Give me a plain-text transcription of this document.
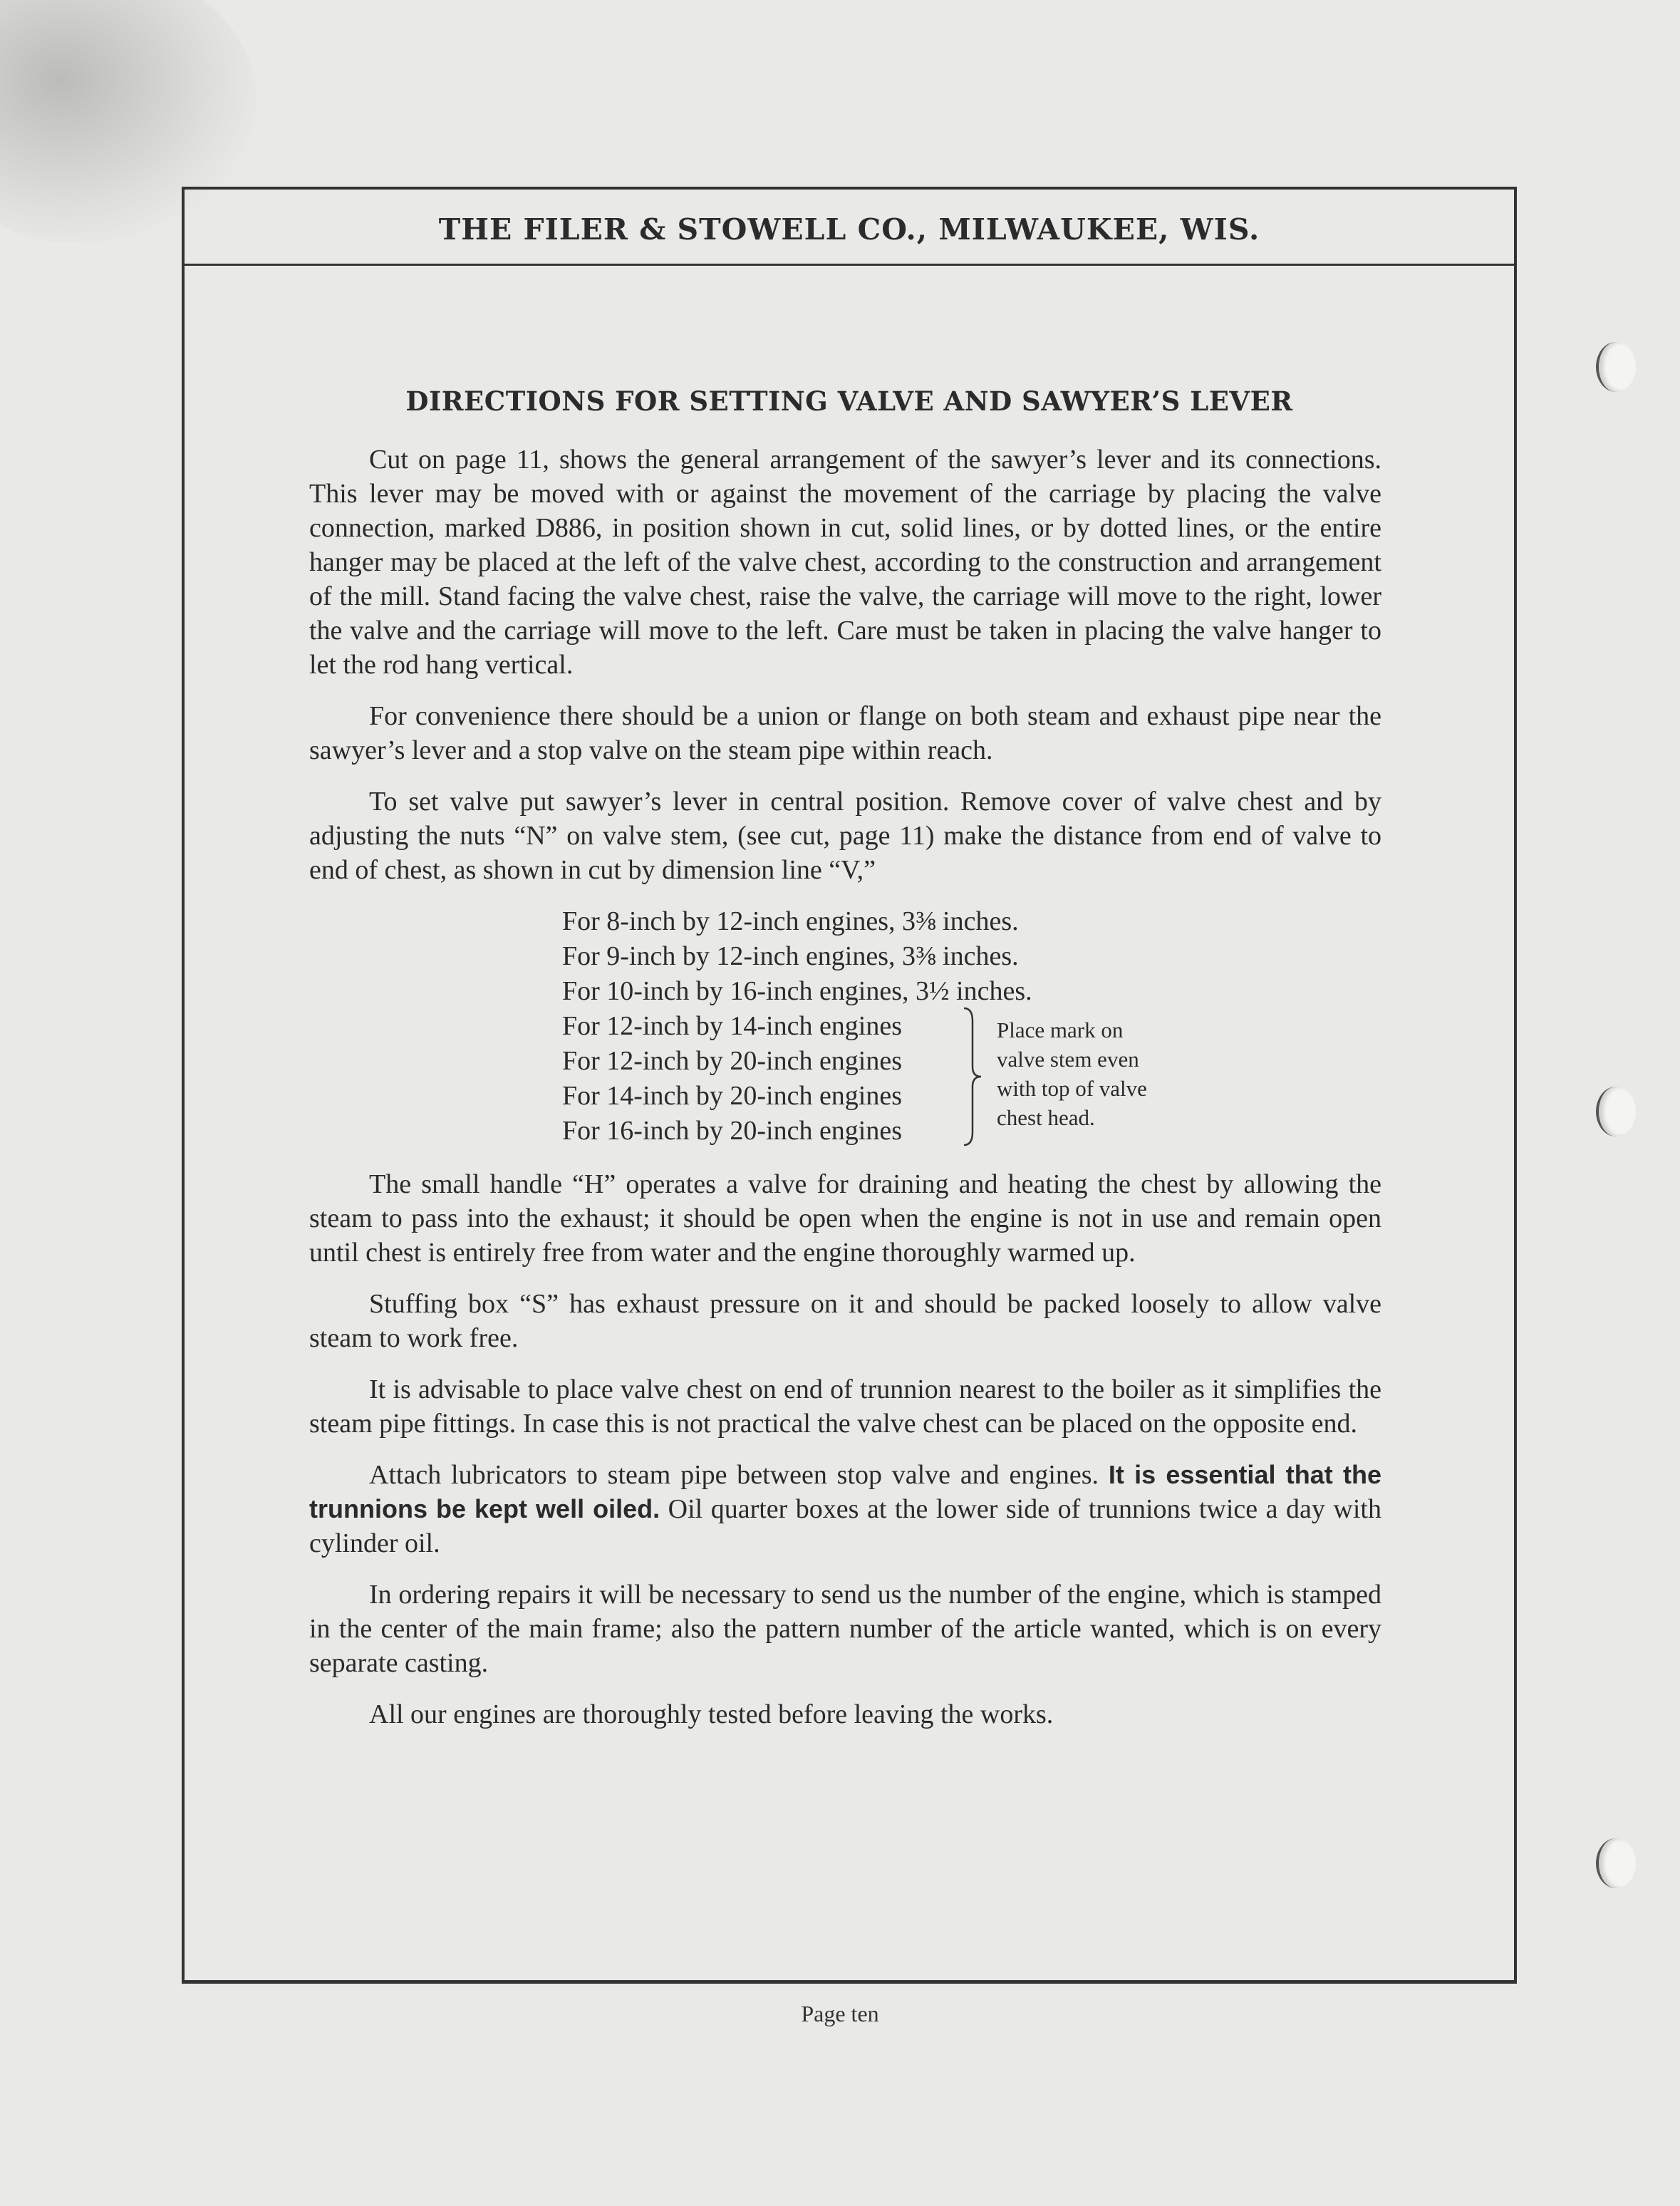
THE FILER & STOWELL CO., MILWAUKEE, WIS.
DIRECTIONS FOR SETTING VALVE AND SAWYER’S LEVER

Cut on page 11, shows the general arrangement of the sawyer’s lever and its connections. This lever may be moved with or against the movement of the carriage by placing the valve connection, marked D886, in position shown in cut, solid lines, or by dotted lines, or the entire hanger may be placed at the left of the valve chest, according to the construction and arrangement of the mill. Stand facing the valve chest, raise the valve, the carriage will move to the right, lower the valve and the carriage will move to the left. Care must be taken in placing the valve hanger to let the rod hang vertical.

For convenience there should be a union or flange on both steam and exhaust pipe near the sawyer’s lever and a stop valve on the steam pipe within reach.

To set valve put sawyer’s lever in central position. Remove cover of valve chest and by adjusting the nuts “N” on valve stem, (see cut, page 11) make the distance from end of valve to end of chest, as shown in cut by dimension line “V,”

For 8-inch by 12-inch engines, 3⅜ inches.
For 9-inch by 12-inch engines, 3⅜ inches.
For 10-inch by 16-inch engines, 3½ inches.
For 12-inch by 14-inch engines
For 12-inch by 20-inch engines
For 14-inch by 20-inch engines
For 16-inch by 20-inch engines
Place mark on
valve stem even
with top of valve
chest head.

The small handle “H” operates a valve for draining and heating the chest by allowing the steam to pass into the exhaust; it should be open when the engine is not in use and remain open until chest is entirely free from water and the engine thoroughly warmed up.

Stuffing box “S” has exhaust pressure on it and should be packed loosely to allow valve steam to work free.

It is advisable to place valve chest on end of trunnion nearest to the boiler as it simplifies the steam pipe fittings. In case this is not practical the valve chest can be placed on the opposite end.

Attach lubricators to steam pipe between stop valve and engines. It is essential that the trunnions be kept well oiled. Oil quarter boxes at the lower side of trunnions twice a day with cylinder oil.

In ordering repairs it will be necessary to send us the number of the engine, which is stamped in the center of the main frame; also the pattern number of the article wanted, which is on every separate casting.

All our engines are thoroughly tested before leaving the works.

Page ten
